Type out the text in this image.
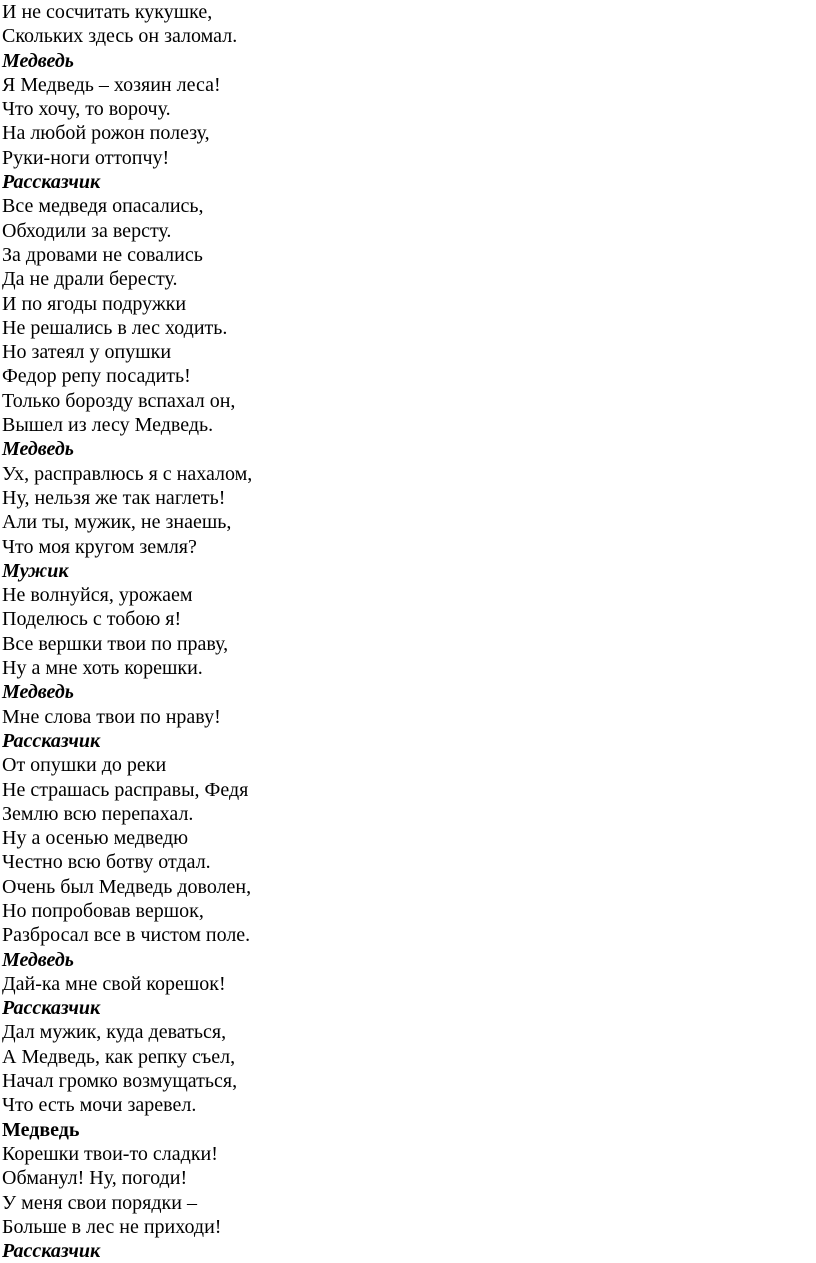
И не сосчитать кукушке,
Скольких здесь он заломал.
Медведь
Я Медведь – хозяин леса!
Что хочу, то ворочу.
На любой рожон полезу,
Руки-ноги оттопчу!
Рассказчик
Все медведя опасались,
Обходили за версту.
За дровами не совались
Да не драли бересту.
И по ягоды подружки
Не решались в лес ходить.
Но затеял у опушки
Федор репу посадить!
Только борозду вспахал он,
Вышел из лесу Медведь.
Медведь
Ух, расправлюсь я с нахалом,
Ну, нельзя же так наглеть!
Али ты, мужик, не знаешь,
Что моя кругом земля?
Мужик
Не волнуйся, урожаем
Поделюсь с тобою я!
Все вершки твои по праву,
Ну а мне хоть корешки.
Медведь
Мне слова твои по нраву!
Рассказчик
От опушки до реки
Не страшась расправы, Федя
Землю всю перепахал.
Ну а осенью медведю
Честно всю ботву отдал.
Очень был Медведь доволен,
Но попробовав вершок,
Разбросал все в чистом поле.
Медведь
Дай-ка мне свой корешок!
Рассказчик
Дал мужик, куда деваться,
А Медведь, как репку съел,
Начал громко возмущаться,
Что есть мочи заревел.
Медведь
Корешки твои-то сладки!
Обманул! Ну, погоди!
У меня свои порядки –
Больше в лес не приходи!
Рассказчик
